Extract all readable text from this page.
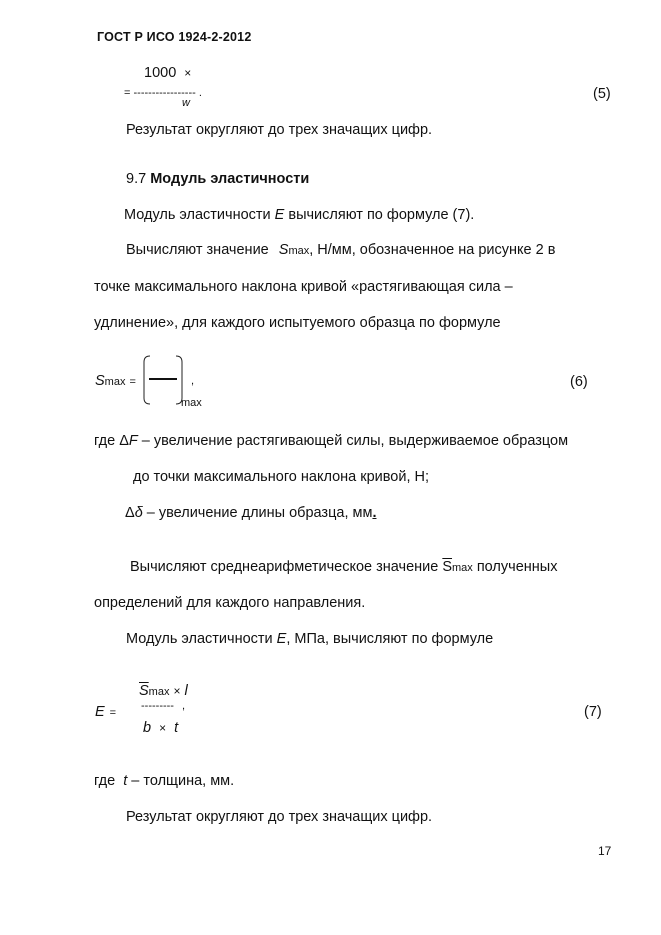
ГОСТ Р ИСО 1924-2-2012
1000 ×
= ----------------- .
w
(5)
Результат округляют до трех значащих цифр.
9.7 Модуль эластичности
Модуль эластичности E вычисляют по формуле (7).
Вычисляют значение Smax, Н/мм, обозначенное на рисунке 2 в
точке максимального наклона кривой «растягивающая сила –
удлинение», для каждого испытуемого образца по формуле
Smax =	,
max
(6)
где ΔF – увеличение растягивающей силы, выдерживаемое образцом
до точки максимального наклона кривой, Н;
Δδ – увеличение длины образца, мм.
Вычисляют среднеарифметическое значение $\overline{S}\max$ полученных
определений для каждого направления.
Модуль эластичности E, МПа, вычисляют по формуле
$\overline{S}\max \times l$
E =
--------- ,
b × t
(7)
где t – толщина, мм.
Результат округляют до трех значащих цифр.
17
